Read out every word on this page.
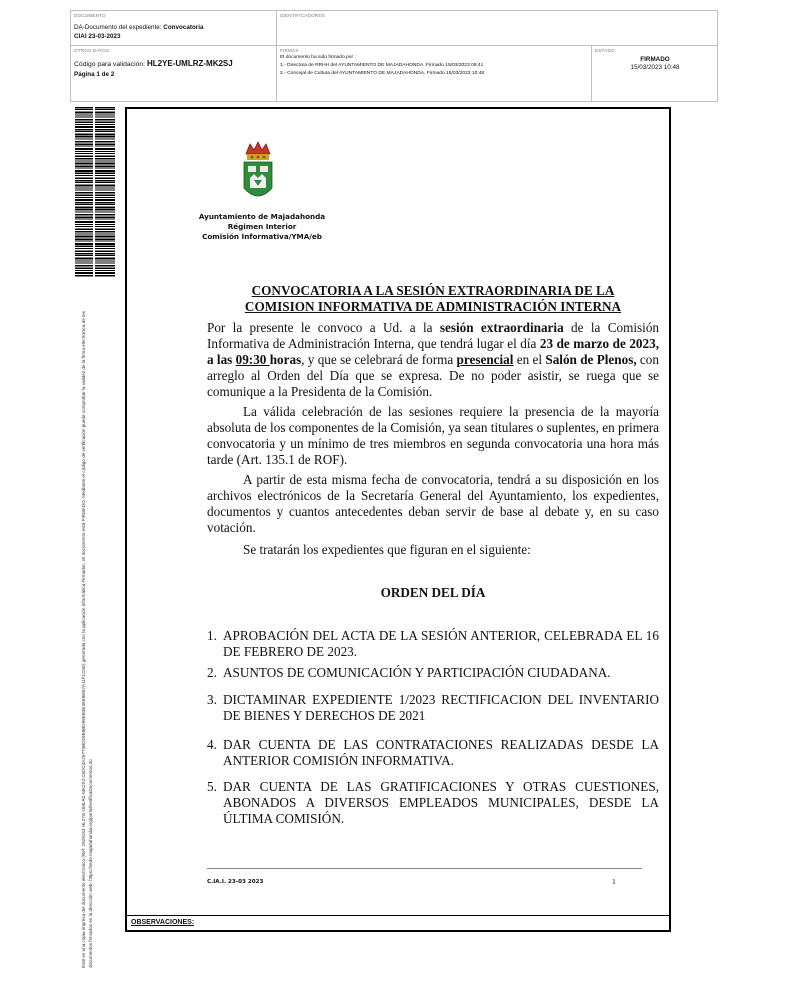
DOCUMENTO
DA-Documento del expediente: Convocatoria
CIAI 23-03-2023
IDENTIFICADORES
OTROS DATOS
Código para validación: HL2YE-UMLRZ-MK2SJ
Página 1 de 2
FIRMAS
El documento ha sido firmado por :
1.- Directora de RRHH del AYUNTAMIENTO DE MAJADAHONDA. Firmado 15/03/2023 09:41
2.- Concejal de Cultura del AYUNTAMIENTO DE MAJADAHONDA. Firmado 15/03/2023 10:48
ESTADO
FIRMADO
15/03/2023 10:48
Este es una copia impresa del documento electrónico (Ref: 2929153 HL2YE-UMLRZ-MK2SJ C5DC4A29774BD29E8BD99EB3E45E8EB7A11F1C5E) generada con la aplicación informática Firmadoc. El documento está FIRMADO. Mediante el código de verificación puede comprobar la validez de la firma electrónica de los documentos firmados en la dirección web: https://sede.majadahonda.org/portal/verificaDocumentos.do	OBSERVACIONES:
Ayuntamiento de Majadahonda
Régimen Interior
Comisión Informativa/YMA/eb
CONVOCATORIA A LA SESIÓN EXTRAORDINARIA DE LA
COMISION INFORMATIVA DE ADMINISTRACIÓN INTERNA
Por la presente le convoco a Ud. a la sesión extraordinaria de la Comisión Informativa de Administración Interna, que tendrá lugar el día 23 de marzo de 2023, a las 09:30 horas, y que se celebrará de forma presencial en el Salón de Plenos, con arreglo al Orden del Día que se expresa. De no poder asistir, se ruega que se comunique a la Presidenta de la Comisión.
La válida celebración de las sesiones requiere la presencia de la mayoría absoluta de los componentes de la Comisión, ya sean titulares o suplentes, en primera convocatoria y un mínimo de tres miembros en segunda convocatoria una hora más tarde (Art. 135.1 de ROF).
A partir de esta misma fecha de convocatoria, tendrá a su disposición en los archivos electrónicos de la Secretaría General del Ayuntamiento, los expedientes, documentos y cuantos antecedentes deban servir de base al debate y, en su caso votación.
Se tratarán los expedientes que figuran en el siguiente:
ORDEN DEL DÍA
1. APROBACIÓN DEL ACTA DE LA SESIÓN ANTERIOR, CELEBRADA EL 16 DE FEBRERO DE 2023.
2. ASUNTOS DE COMUNICACIÓN Y PARTICIPACIÓN CIUDADANA.
3. DICTAMINAR EXPEDIENTE 1/2023 RECTIFICACION DEL INVENTARIO DE BIENES Y DERECHOS DE 2021
4. DAR CUENTA DE LAS CONTRATACIONES REALIZADAS DESDE LA ANTERIOR COMISIÓN INFORMATIVA.
5. DAR CUENTA DE LAS GRATIFICACIONES Y OTRAS CUESTIONES, ABONADOS A DIVERSOS EMPLEADOS MUNICIPALES, DESDE LA ÚLTIMA COMISIÓN.
C.IA.I. 23-03 2023	1
